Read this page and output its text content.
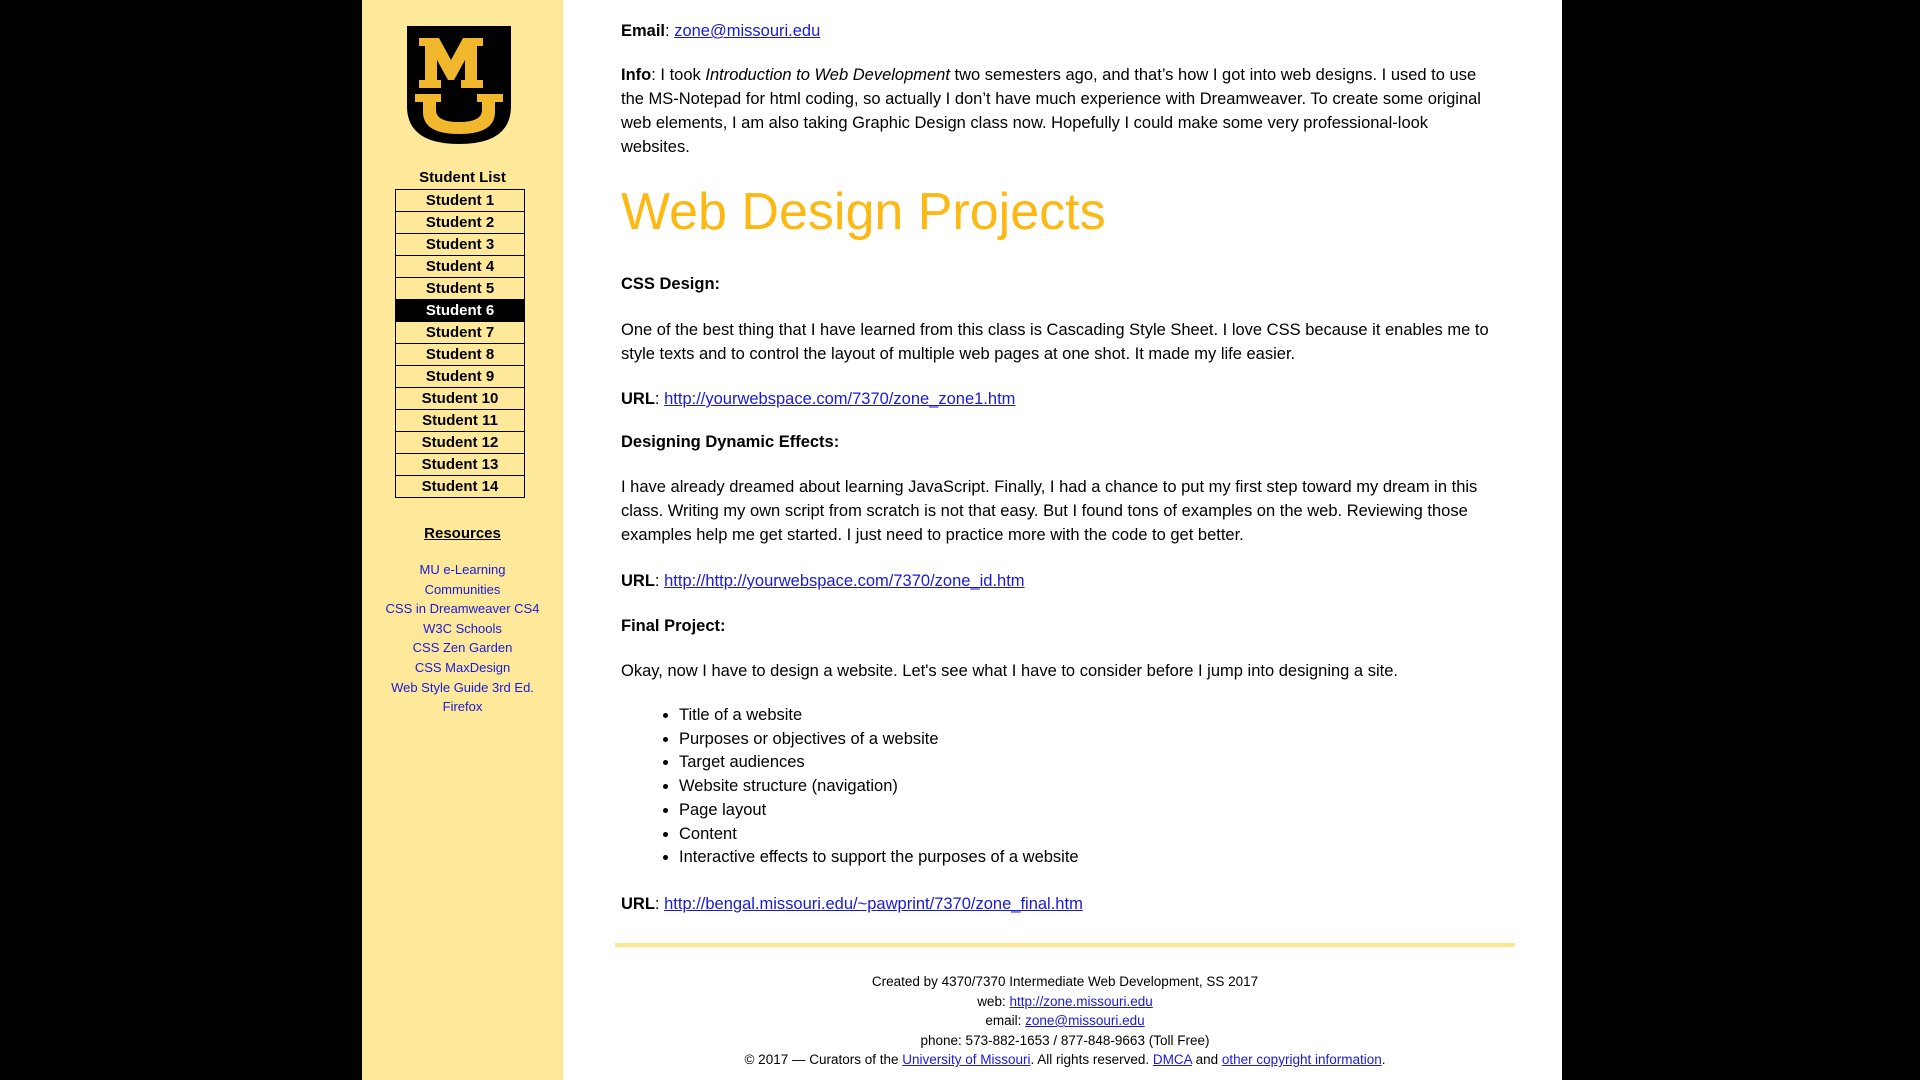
Student List
Student 1
Student 2
Student 3
Student 4
Student 5
Student 6
Student 7
Student 8
Student 9
Student 10
Student 11
Student 12
Student 13
Student 14
Resources
MU e-Learning
Communities
CSS in Dreamweaver CS4
W3C Schools
CSS Zen Garden
CSS MaxDesign
Web Style Guide 3rd Ed.
Firefox

Email: zone@missouri.edu

Info: I took Introduction to Web Development two semesters ago, and that’s how I got into web designs. I used to use the MS-Notepad for html coding, so actually I don’t have much experience with Dreamweaver. To create some original web elements, I am also taking Graphic Design class now. Hopefully I could make some very professional-look websites.

Web Design Projects

CSS Design:

One of the best thing that I have learned from this class is Cascading Style Sheet. I love CSS because it enables me to style texts and to control the layout of multiple web pages at one shot. It made my life easier.

URL: http://yourwebspace.com/7370/zone_zone1.htm

Designing Dynamic Effects:

I have already dreamed about learning JavaScript. Finally, I had a chance to put my first step toward my dream in this class. Writing my own script from scratch is not that easy. But I found tons of examples on the web. Reviewing those examples help me get started. I just need to practice more with the code to get better.

URL: http://http://yourwebspace.com/7370/zone_id.htm

Final Project:

Okay, now I have to design a website. Let's see what I have to consider before I jump into designing a site.

• Title of a website
• Purposes or objectives of a website
• Target audiences
• Website structure (navigation)
• Page layout
• Content
• Interactive effects to support the purposes of a website

URL: http://bengal.missouri.edu/~pawprint/7370/zone_final.htm

Created by 4370/7370 Intermediate Web Development, SS 2017
web: http://zone.missouri.edu
email: zone@missouri.edu
phone: 573-882-1653 / 877-848-9663 (Toll Free)
© 2017 — Curators of the University of Missouri. All rights reserved. DMCA and other copyright information.
